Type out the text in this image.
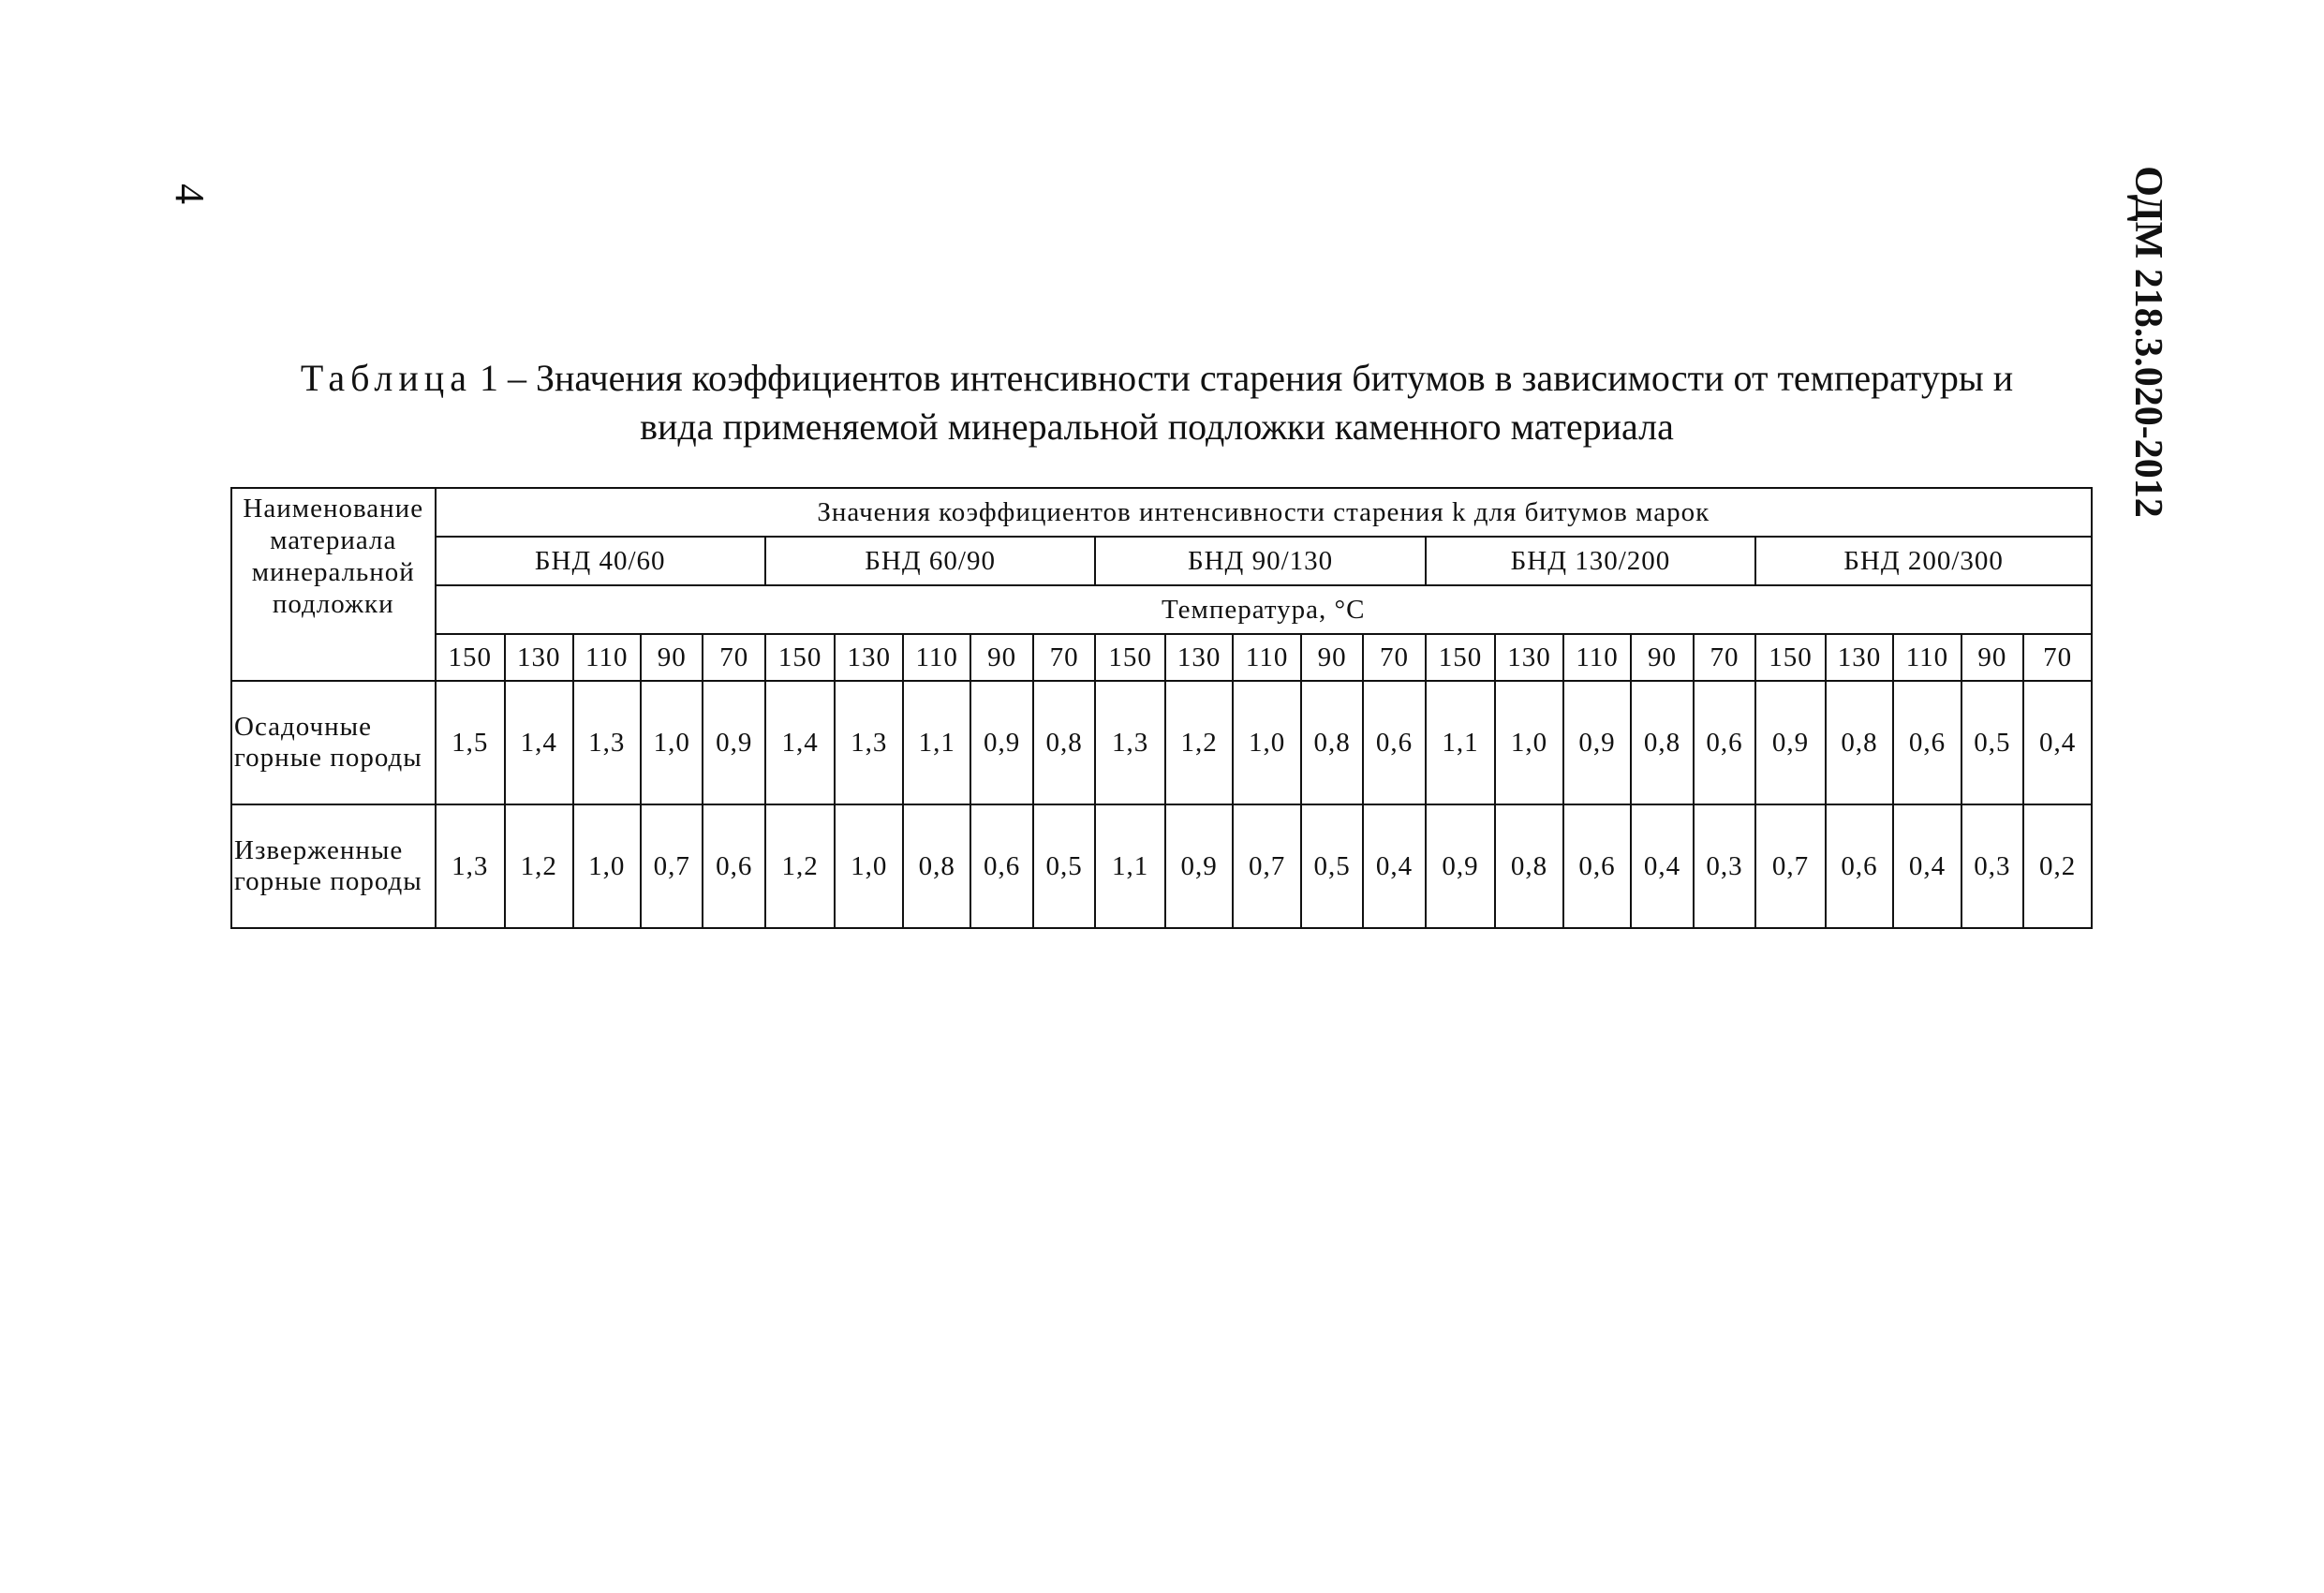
4	ОДМ 218.3.020-2012
Таблица 1 – Значения коэффициентов интенсивности старения битумов в зависимости от температуры и
вида применяемой минеральной подложки каменного материала
Наименование материала минеральной подложки	Значения коэффициентов интенсивности старения k для битумов марок																								
	БНД 40/60					БНД 60/90					БНД 90/130					БНД 130/200					БНД 200/300				
	Температура, °С																								
	150	130	110	90	70	150	130	110	90	70	150	130	110	90	70	150	130	110	90	70	150	130	110	90	70
Осадочные горные породы	1,5	1,4	1,3	1,0	0,9	1,4	1,3	1,1	0,9	0,8	1,3	1,2	1,0	0,8	0,6	1,1	1,0	0,9	0,8	0,6	0,9	0,8	0,6	0,5	0,4
Изверженные горные породы	1,3	1,2	1,0	0,7	0,6	1,2	1,0	0,8	0,6	0,5	1,1	0,9	0,7	0,5	0,4	0,9	0,8	0,6	0,4	0,3	0,7	0,6	0,4	0,3	0,2
